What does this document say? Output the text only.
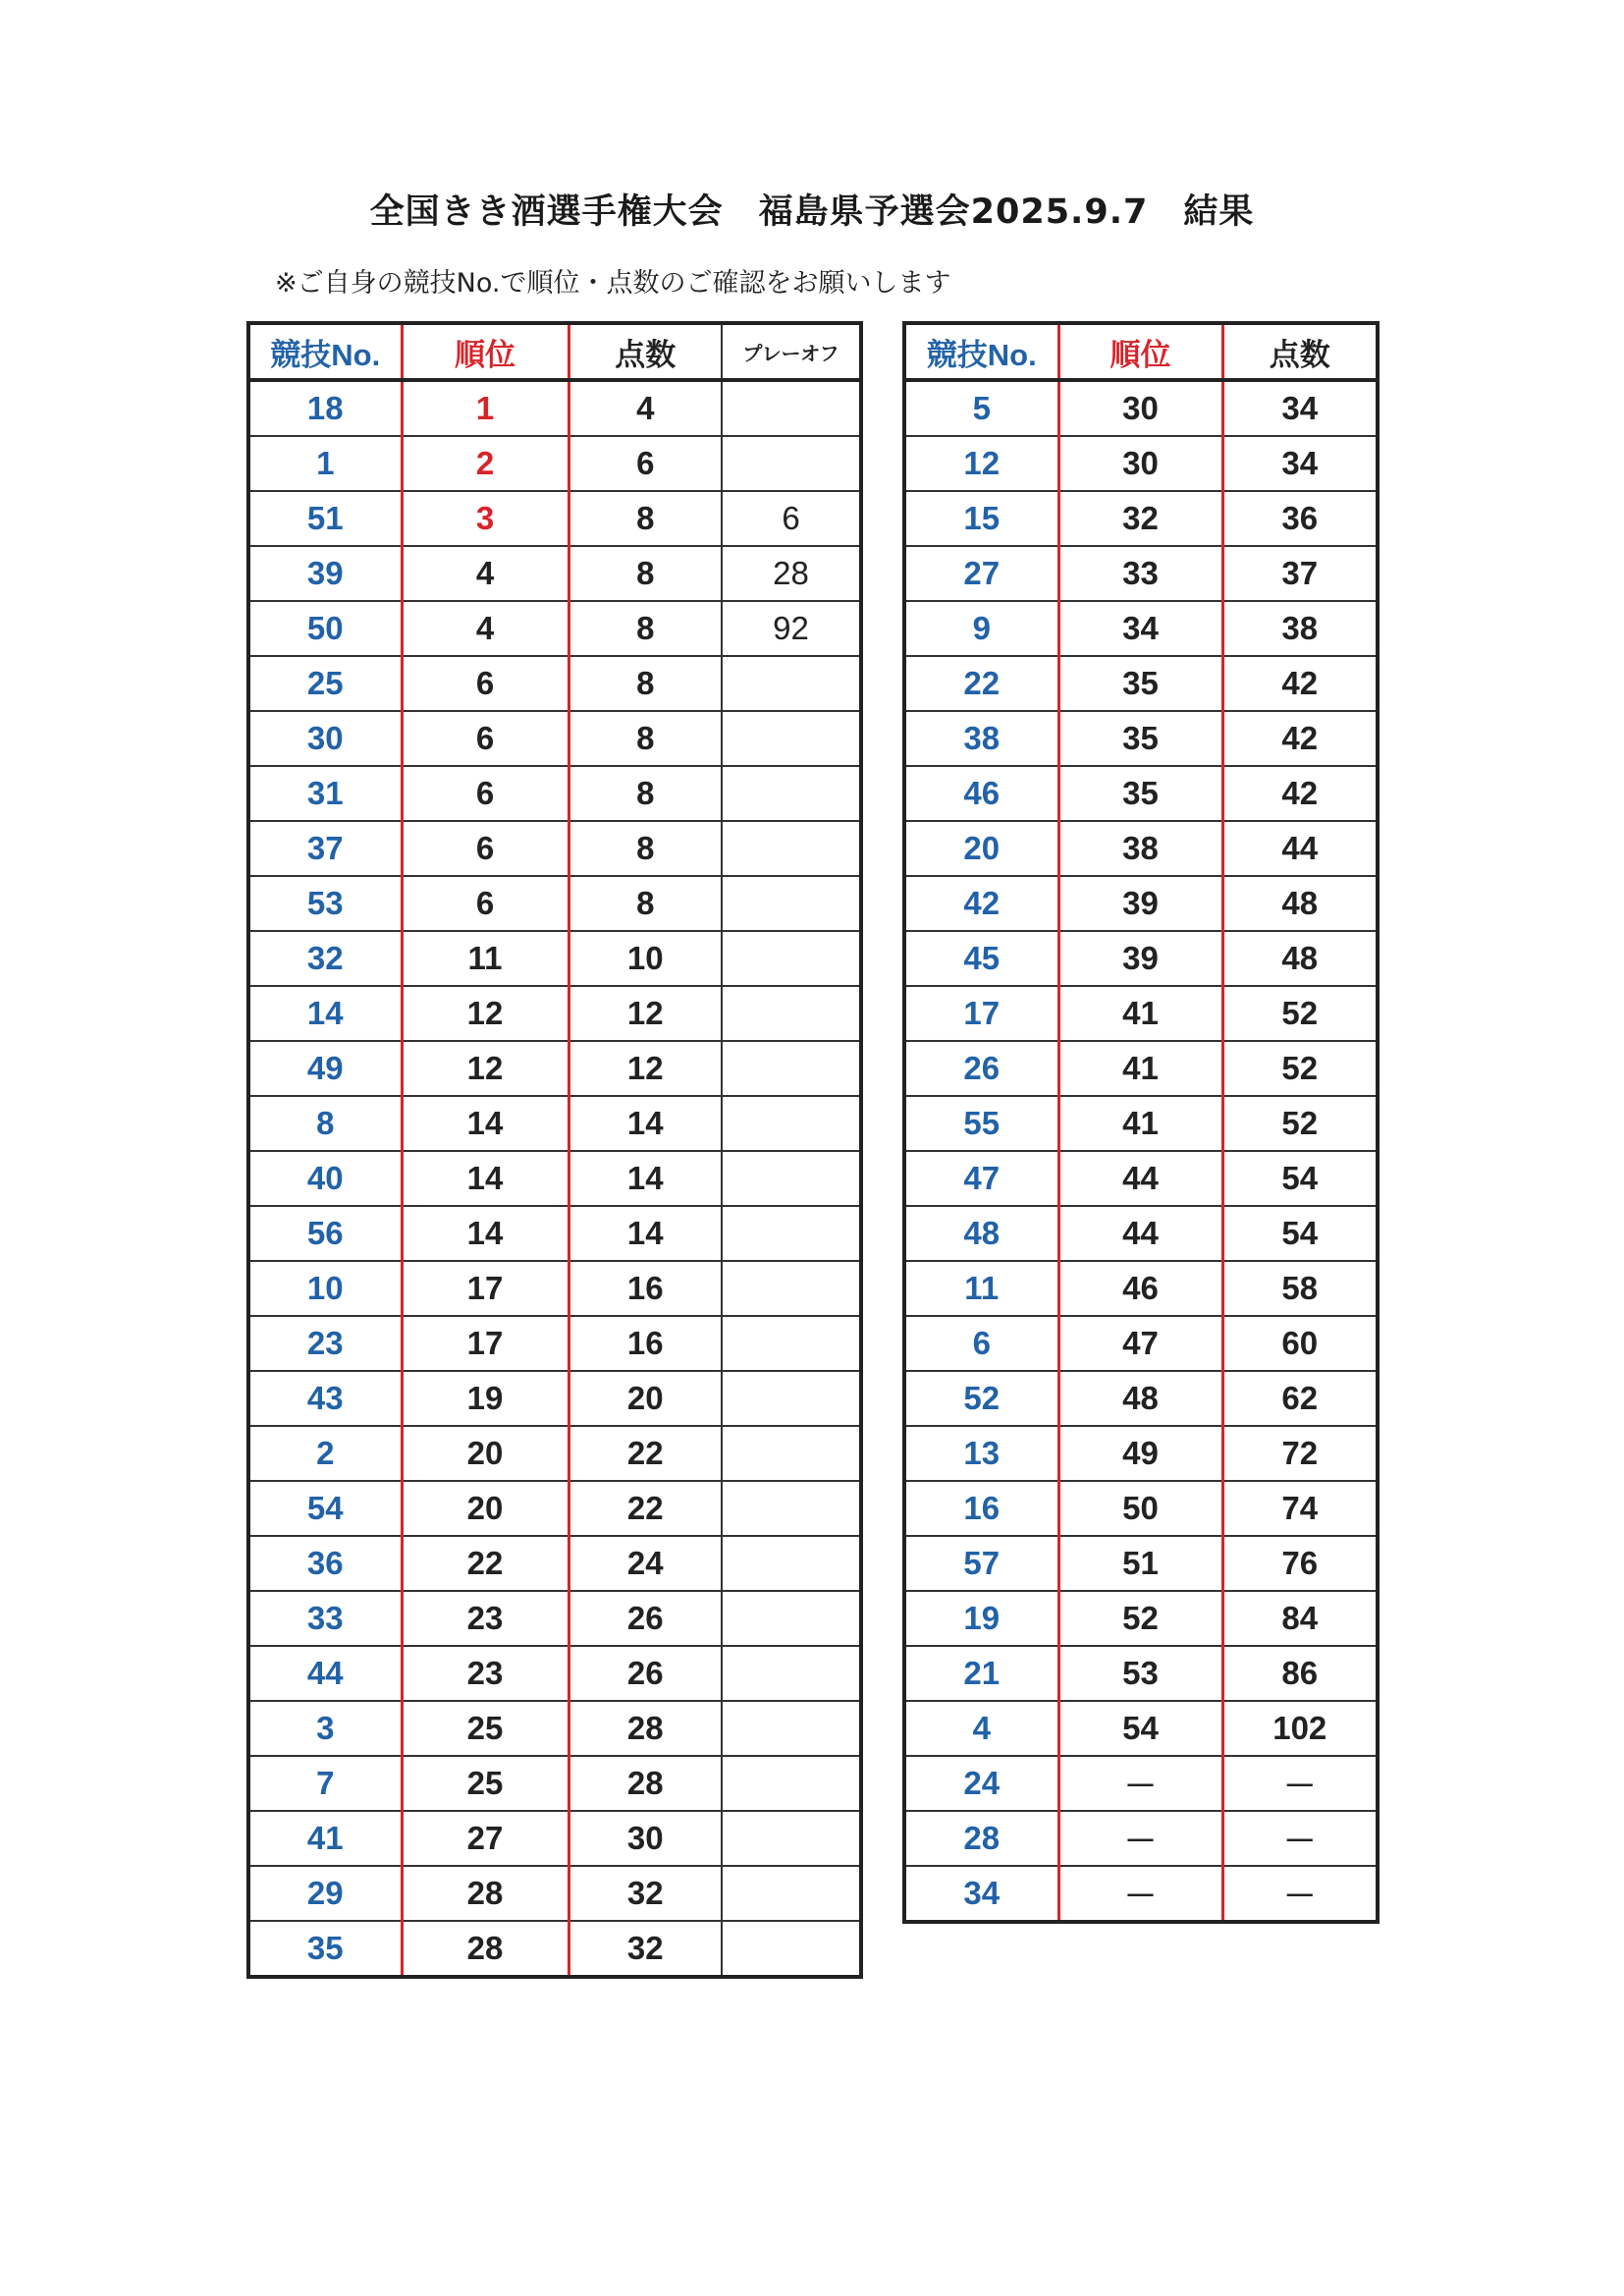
全国きき酒選手権大会　福島県予選会2025.9.7　結果
※ご自身の競技No.で順位・点数のご確認をお願いします
競技No.	順位	点数	プレーオフ
18	1	4	
1	2	6	
51	3	8	6
39	4	8	28
50	4	8	92
25	6	8	
30	6	8	
31	6	8	
37	6	8	
53	6	8	
32	11	10	
14	12	12	
49	12	12	
8	14	14	
40	14	14	
56	14	14	
10	17	16	
23	17	16	
43	19	20	
2	20	22	
54	20	22	
36	22	24	
33	23	26	
44	23	26	
3	25	28	
7	25	28	
41	27	30	
29	28	32	
35	28	32	
競技No.	順位	点数
5	30	34
12	30	34
15	32	36
27	33	37
9	34	38
22	35	42
38	35	42
46	35	42
20	38	44
42	39	48
45	39	48
17	41	52
26	41	52
55	41	52
47	44	54
48	44	54
11	46	58
6	47	60
52	48	62
13	49	72
16	50	74
57	51	76
19	52	84
21	53	86
4	54	102
24	－	－
28	－	－
34	－	－
